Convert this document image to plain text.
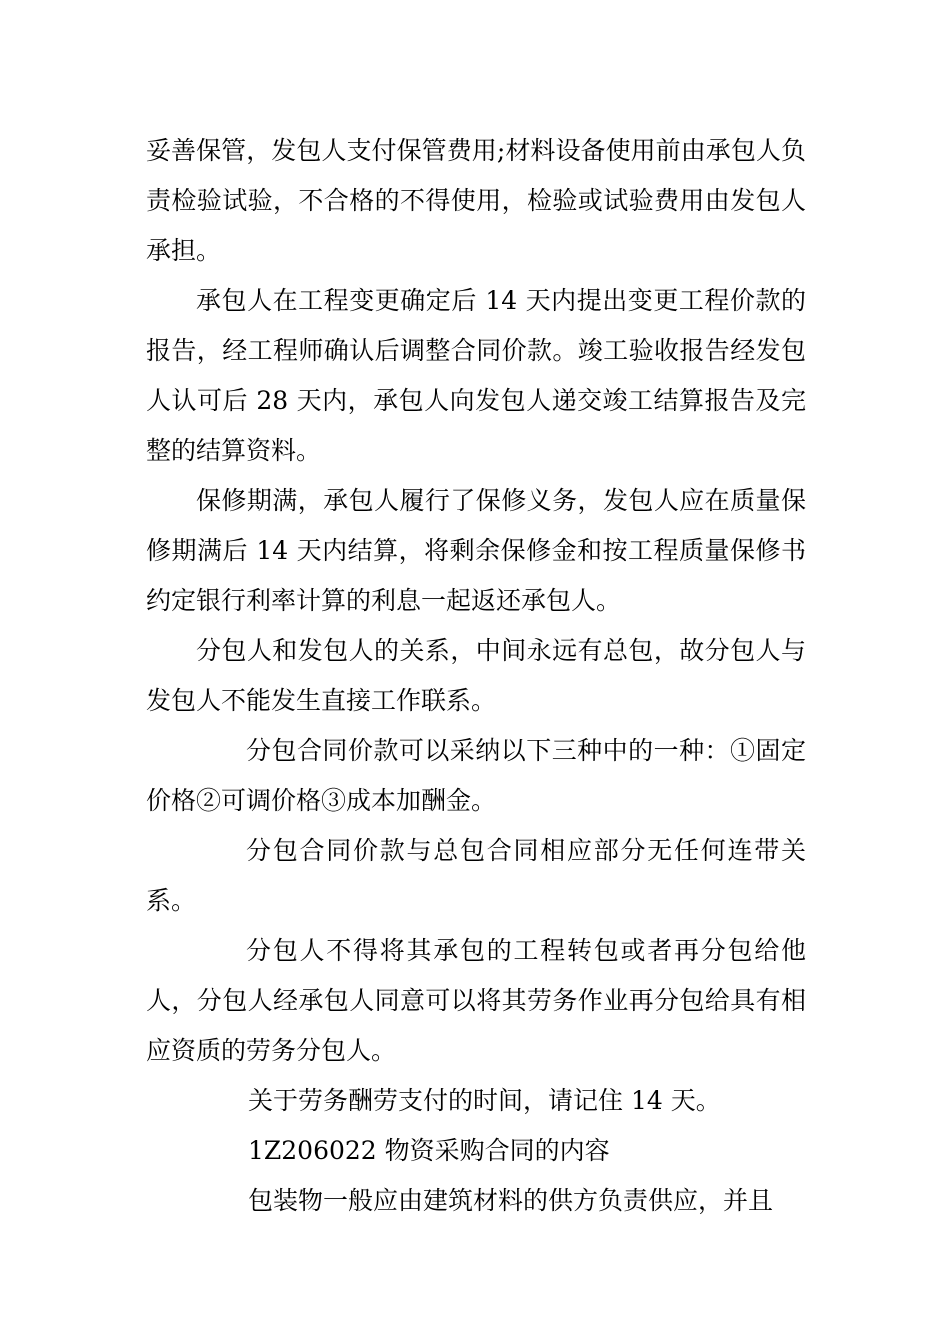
妥善保管，发包人支付保管费用;材料设备使用前由承包人负责检验试验，不合格的不得使用，检验或试验费用由发包人承担。

承包人在工程变更确定后 14 天内提出变更工程价款的报告，经工程师确认后调整合同价款。竣工验收报告经发包人认可后 28 天内，承包人向发包人递交竣工结算报告及完整的结算资料。

保修期满，承包人履行了保修义务，发包人应在质量保修期满后 14 天内结算，将剩余保修金和按工程质量保修书约定银行利率计算的利息一起返还承包人。

分包人和发包人的关系，中间永远有总包，故分包人与发包人不能发生直接工作联系。

分包合同价款可以采纳以下三种中的一种：①固定价格②可调价格③成本加酬金。

分包合同价款与总包合同相应部分无任何连带关系。

分包人不得将其承包的工程转包或者再分包给他人，分包人经承包人同意可以将其劳务作业再分包给具有相应资质的劳务分包人。

关于劳务酬劳支付的时间，请记住 14 天。
1Z206022 物资采购合同的内容
包装物一般应由建筑材料的供方负责供应，并且
